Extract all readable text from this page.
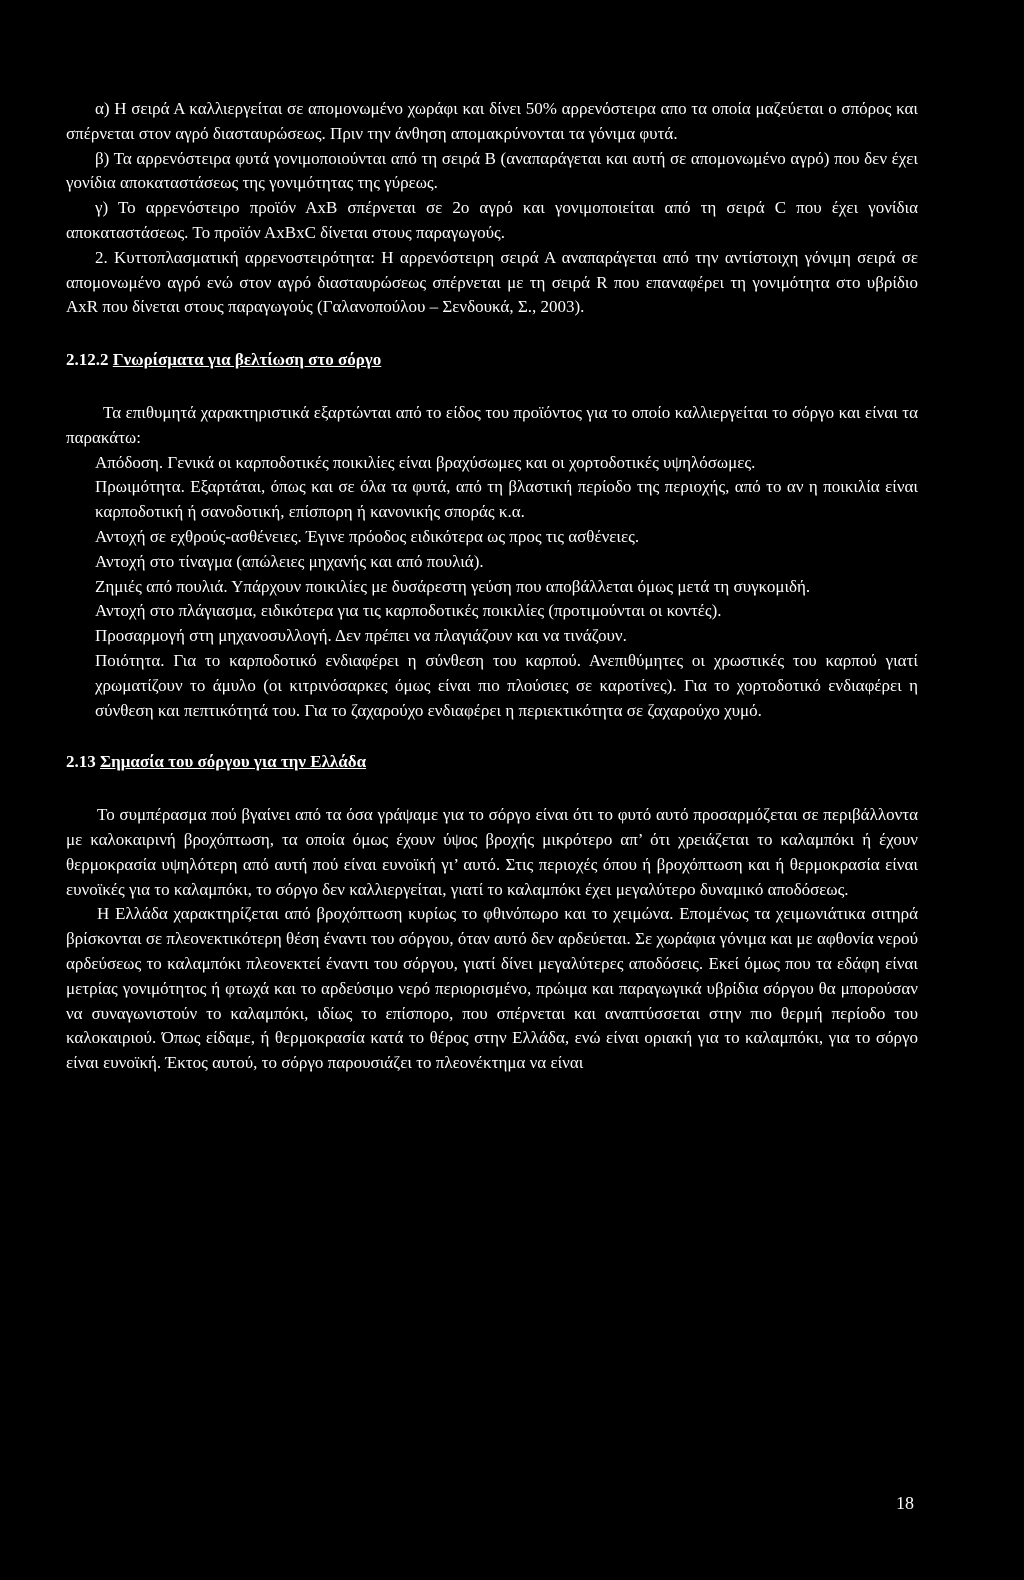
α) Η σειρά Α καλλιεργείται σε απομονωμένο χωράφι και δίνει 50% αρρενόστειρα απο τα οποία μαζεύεται ο σπόρος και σπέρνεται στον αγρό διασταυρώσεως. Πριν την άνθηση απομακρύνονται τα γόνιμα φυτά.

β) Τα αρρενόστειρα φυτά γονιμοποιούνται από τη σειρά Β (αναπαράγεται και αυτή σε απομονωμένο αγρό) που δεν έχει γονίδια αποκαταστάσεως της γονιμότητας της γύρεως.

γ) Το αρρενόστειρο προϊόν ΑxΒ σπέρνεται σε 2ο αγρό και γονιμοποιείται από τη σειρά C που έχει γονίδια αποκαταστάσεως. Το προϊόν ΑxΒxC δίνεται στους παραγωγούς.

2. Κυττοπλασματική αρρενοστειρότητα: Η αρρενόστειρη σειρά Α αναπαράγεται από την αντίστοιχη γόνιμη σειρά σε απομονωμένο αγρό ενώ στον αγρό διασταυρώσεως σπέρνεται με τη σειρά R που επαναφέρει τη γονιμότητα στο υβρίδιο ΑxR που δίνεται στους παραγωγούς (Γαλανοπούλου – Σενδουκά, Σ., 2003).

2.12.2 Γνωρίσματα για βελτίωση στο σόργο

Τα επιθυμητά χαρακτηριστικά εξαρτώνται από το είδος του προϊόντος για το οποίο καλλιεργείται το σόργο και είναι τα παρακάτω:

Απόδοση. Γενικά οι καρποδοτικές ποικιλίες είναι βραχύσωμες και οι χορτοδοτικές υψηλόσωμες.

Πρωιμότητα. Εξαρτάται, όπως και σε όλα τα φυτά, από τη βλαστική περίοδο της περιοχής, από το αν η ποικιλία είναι καρποδοτική ή σανοδοτική, επίσπορη ή κανονικής σποράς κ.α.

Αντοχή σε εχθρούς-ασθένειες. Έγινε πρόοδος ειδικότερα ως προς τις ασθένειες.

Αντοχή στο τίναγμα (απώλειες μηχανής και από πουλιά).

Ζημιές από πουλιά. Υπάρχουν ποικιλίες με δυσάρεστη γεύση που αποβάλλεται όμως μετά τη συγκομιδή.

Αντοχή στο πλάγιασμα, ειδικότερα για τις καρποδοτικές ποικιλίες (προτιμούνται οι κοντές).

Προσαρμογή στη μηχανοσυλλογή. Δεν πρέπει να πλαγιάζουν και να τινάζουν.

Ποιότητα. Για το καρποδοτικό ενδιαφέρει η σύνθεση του καρπού. Ανεπιθύμητες οι χρωστικές του καρπού γιατί χρωματίζουν το άμυλο (οι κιτρινόσαρκες όμως είναι πιο πλούσιες σε καροτίνες). Για το χορτοδοτικό ενδιαφέρει η σύνθεση και πεπτικότητά του. Για το ζαχαρούχο ενδιαφέρει η περιεκτικότητα σε ζαχαρούχο χυμό.

2.13 Σημασία του σόργου για την Ελλάδα

Το συμπέρασμα πού βγαίνει από τα όσα γράψαμε για το σόργο είναι ότι το φυτό αυτό προσαρμόζεται σε περιβάλλοντα με καλοκαιρινή βροχόπτωση, τα οποία όμως έχουν ύψος βροχής μικρότερο απ’ ότι χρειάζεται το καλαμπόκι ή έχουν θερμοκρασία υψηλότερη από αυτή πού είναι ευνοϊκή γι’ αυτό. Στις περιοχές όπου ή βροχόπτωση και ή θερμοκρασία είναι ευνοϊκές για το καλαμπόκι, το σόργο δεν καλλιεργείται, γιατί το καλαμπόκι έχει μεγαλύτερο δυναμικό αποδόσεως.

Η Ελλάδα χαρακτηρίζεται από βροχόπτωση κυρίως το φθινόπωρο και το χειμώνα. Επομένως τα χειμωνιάτικα σιτηρά βρίσκονται σε πλεονεκτικότερη θέση έναντι του σόργου, όταν αυτό δεν αρδεύεται. Σε χωράφια γόνιμα και με αφθονία νερού αρδεύσεως το καλαμπόκι πλεονεκτεί έναντι του σόργου, γιατί δίνει μεγαλύτερες αποδόσεις. Εκεί όμως που τα εδάφη είναι μετρίας γονιμότητος ή φτωχά και το αρδεύσιμο νερό περιορισμένο, πρώιμα και παραγωγικά υβρίδια σόργου θα μπορούσαν να συναγωνιστούν το καλαμπόκι, ιδίως το επίσπορο, που σπέρνεται και αναπτύσσεται στην πιο θερμή περίοδο του καλοκαιριού. Όπως είδαμε, ή θερμοκρασία κατά το θέρος στην Ελλάδα, ενώ είναι οριακή για το καλαμπόκι, για το σόργο είναι ευνοϊκή. Έκτος αυτού, το σόργο παρουσιάζει το πλεονέκτημα να είναι

18
